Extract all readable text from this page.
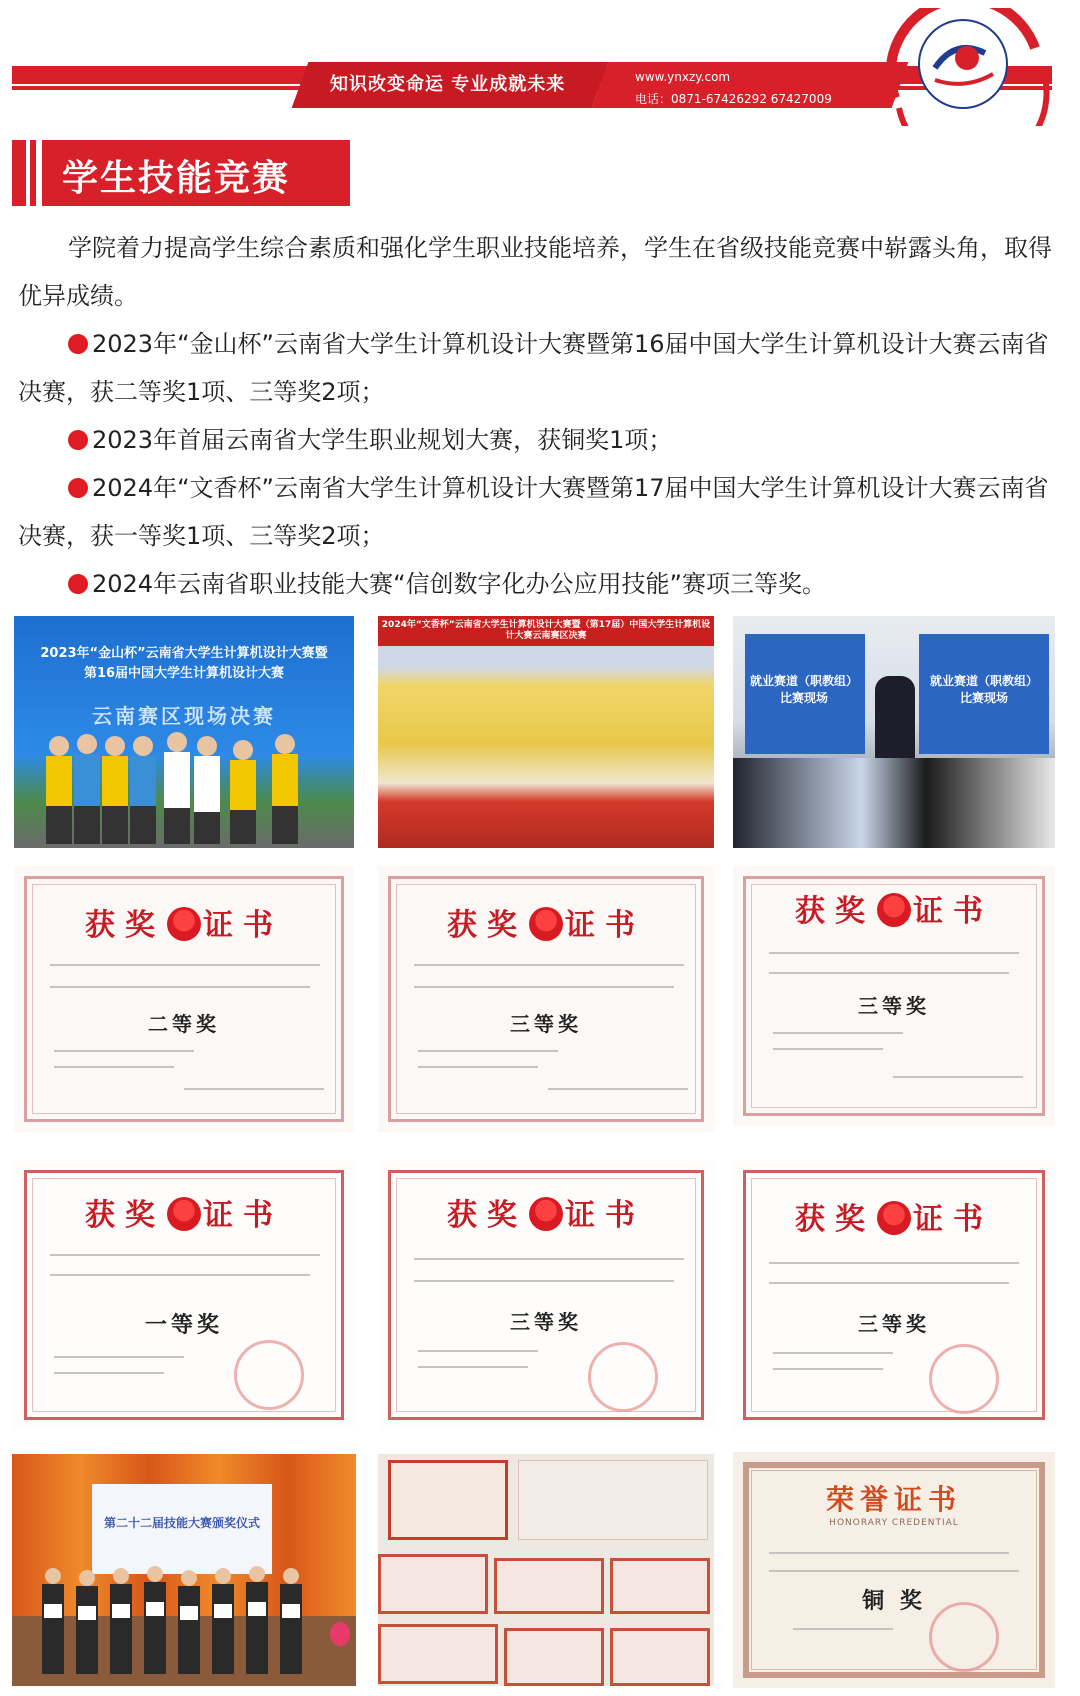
知识改变命运 专业成就未来	www.ynxzy.com
电话：0871-67426292 67427009
学生技能竞赛

学院着力提高学生综合素质和强化学生职业技能培养，学生在省级技能竞赛中崭露头角，取得优异成绩。

2023年“金山杯”云南省大学生计算机设计大赛暨第16届中国大学生计算机设计大赛云南省决赛，获二等奖1项、三等奖2项；

2023年首届云南省大学生职业规划大赛，获铜奖1项；

2024年“文香杯”云南省大学生计算机设计大赛暨第17届中国大学生计算机设计大赛云南省决赛，获一等奖1项、三等奖2项；

2024年云南省职业技能大赛“信创数字化办公应用技能”赛项三等奖。

2023年“金山杯”云南省大学生计算机设计大赛暨
第16届中国大学生计算机设计大赛
云南赛区现场决赛
2024年“文香杯”云南省大学生计算机设计大赛暨（第17届）中国大学生计算机设计大赛云南赛区决赛
就业赛道（职教组）比赛现场
就业赛道（职教组）比赛现场
获奖 证书
二等奖
获奖 证书
三等奖
获奖 证书
三等奖
获奖 证书
一等奖
获奖 证书
三等奖
获奖 证书
三等奖
第二十二届技能大赛颁奖仪式
荣誉证书
HONORARY CREDENTIAL
铜 奖
